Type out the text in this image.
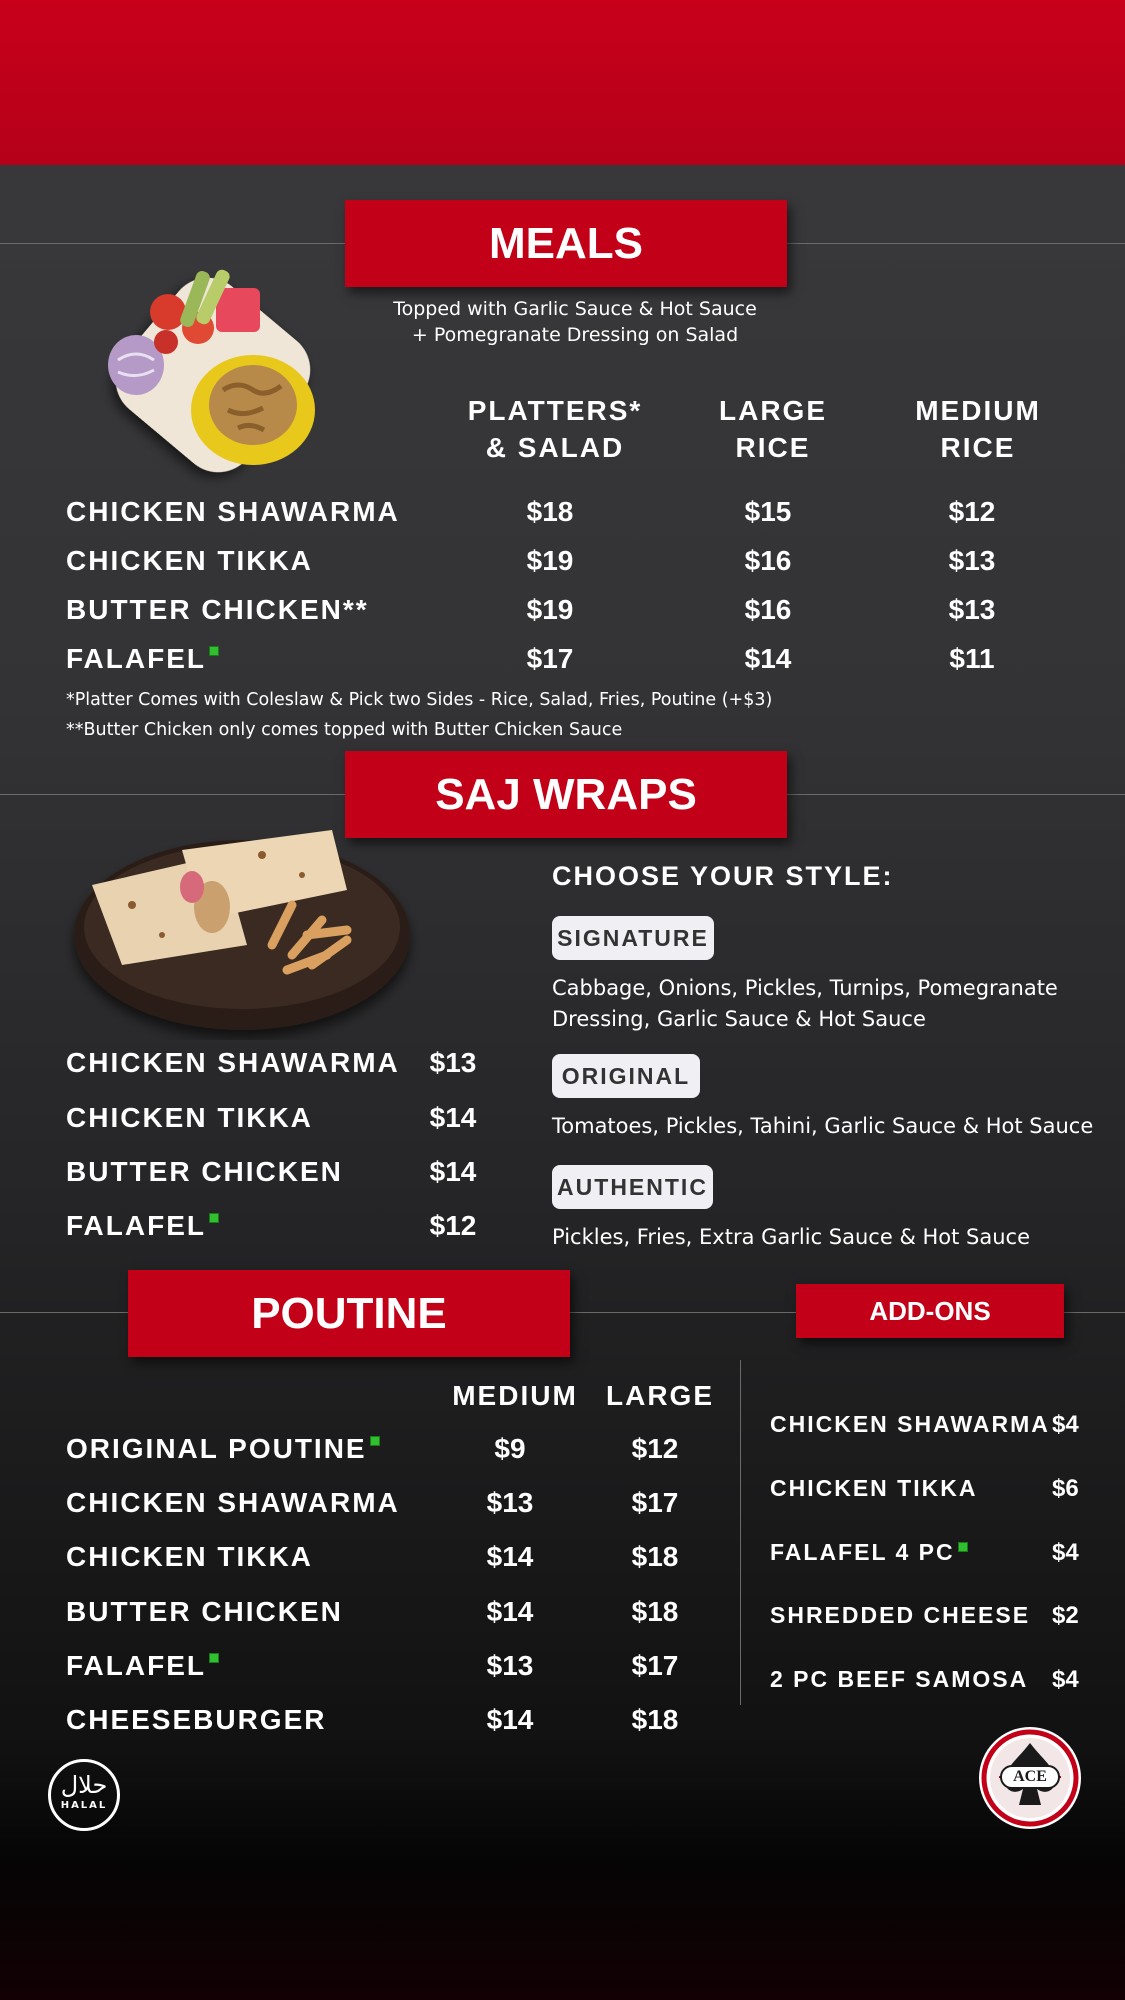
MEALS
Topped with Garlic Sauce & Hot Sauce
+ Pomegranate Dressing on Salad
PLATTERS*
& SALAD
LARGE
RICE
MEDIUM
RICE
CHICKEN SHAWARMA	$18	$15	$12
CHICKEN TIKKA	$19	$16	$13
BUTTER CHICKEN**	$19	$16	$13
FALAFEL	$17	$14	$11
*Platter Comes with Coleslaw & Pick two Sides - Rice, Salad, Fries, Poutine (+$3)
**Butter Chicken only comes topped with Butter Chicken Sauce
SAJ WRAPS
CHICKEN SHAWARMA	$13
CHICKEN TIKKA	$14
BUTTER CHICKEN	$14
FALAFEL	$12
CHOOSE YOUR STYLE:
SIGNATURE
Cabbage, Onions, Pickles, Turnips, Pomegranate Dressing, Garlic Sauce & Hot Sauce
ORIGINAL
Tomatoes, Pickles, Tahini, Garlic Sauce & Hot Sauce
AUTHENTIC
Pickles, Fries, Extra Garlic Sauce & Hot Sauce
POUTINE	ADD-ONS
MEDIUM	LARGE
ORIGINAL POUTINE	$9	$12
CHICKEN SHAWARMA	$13	$17
CHICKEN TIKKA	$14	$18
BUTTER CHICKEN	$14	$18
FALAFEL	$13	$17
CHEESEBURGER	$14	$18
CHICKEN SHAWARMA $4
CHICKEN TIKKA	$6
FALAFEL 4 PC	$4
SHREDDED CHEESE $2
2 PC BEEF SAMOSA $4
حلال
HALAL
ACE
